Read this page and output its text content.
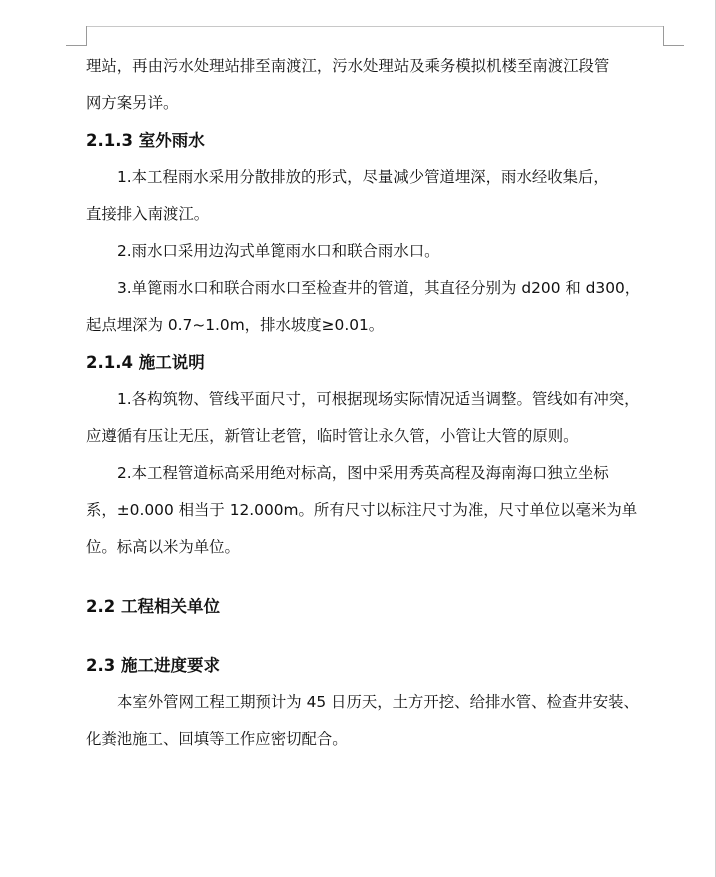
理站，再由污水处理站排至南渡江，污水处理站及乘务模拟机楼至南渡江段管
网方案另详。

2.1.3 室外雨水

1.本工程雨水采用分散排放的形式，尽量减少管道埋深，雨水经收集后，
直接排入南渡江。

2.雨水口采用边沟式单篦雨水口和联合雨水口。

3.单篦雨水口和联合雨水口至检查井的管道，其直径分别为 d200 和 d300，
起点埋深为 0.7~1.0m，排水坡度≥0.01。

2.1.4 施工说明

1.各构筑物、管线平面尺寸，可根据现场实际情况适当调整。管线如有冲突，
应遵循有压让无压，新管让老管，临时管让永久管，小管让大管的原则。

2.本工程管道标高采用绝对标高，图中采用秀英高程及海南海口独立坐标
系，±0.000 相当于 12.000m。所有尺寸以标注尺寸为准，尺寸单位以毫米为单
位。标高以米为单位。

2.2 工程相关单位
2.3 施工进度要求

本室外管网工程工期预计为 45 日历天，土方开挖、给排水管、检查井安装、
化粪池施工、回填等工作应密切配合。
